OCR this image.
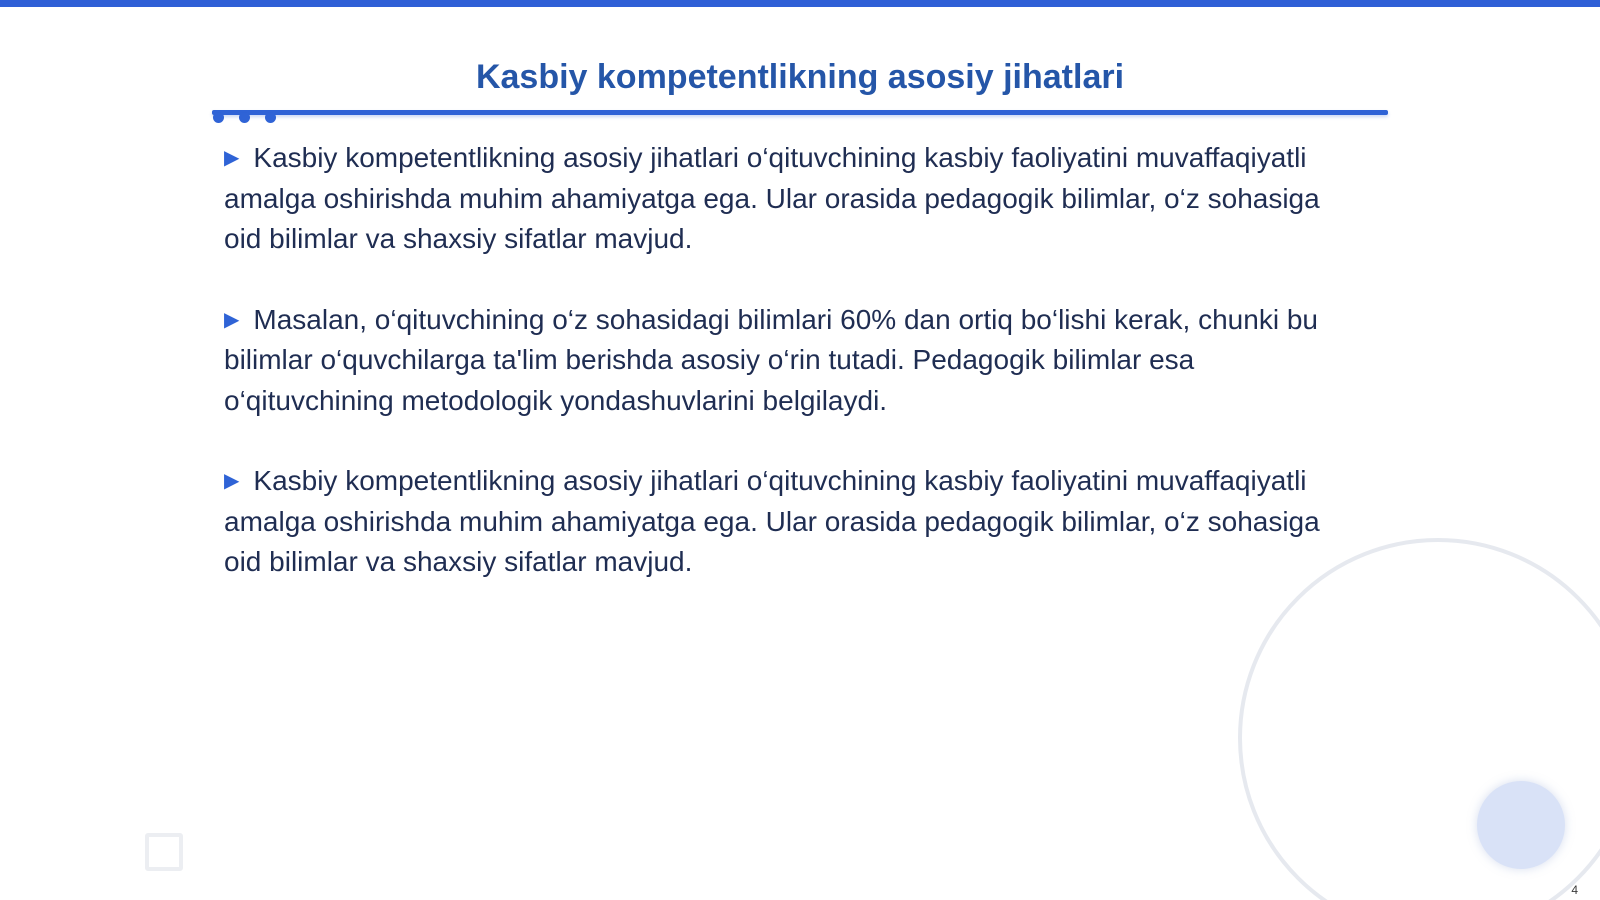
Kasbiy kompetentlikning asosiy jihatlari
▶ Kasbiy kompetentlikning asosiy jihatlari o‘qituvchining kasbiy faoliyatini muvaffaqiyatli amalga oshirishda muhim ahamiyatga ega. Ular orasida pedagogik bilimlar, o‘z sohasiga oid bilimlar va shaxsiy sifatlar mavjud.
▶ Masalan, o‘qituvchining o‘z sohasidagi bilimlari 60% dan ortiq bo‘lishi kerak, chunki bu bilimlar o‘quvchilarga ta'lim berishda asosiy o‘rin tutadi. Pedagogik bilimlar esa o‘qituvchining metodologik yondashuvlarini belgilaydi.
▶ Kasbiy kompetentlikning asosiy jihatlari o‘qituvchining kasbiy faoliyatini muvaffaqiyatli amalga oshirishda muhim ahamiyatga ega. Ular orasida pedagogik bilimlar, o‘z sohasiga oid bilimlar va shaxsiy sifatlar mavjud.
4
